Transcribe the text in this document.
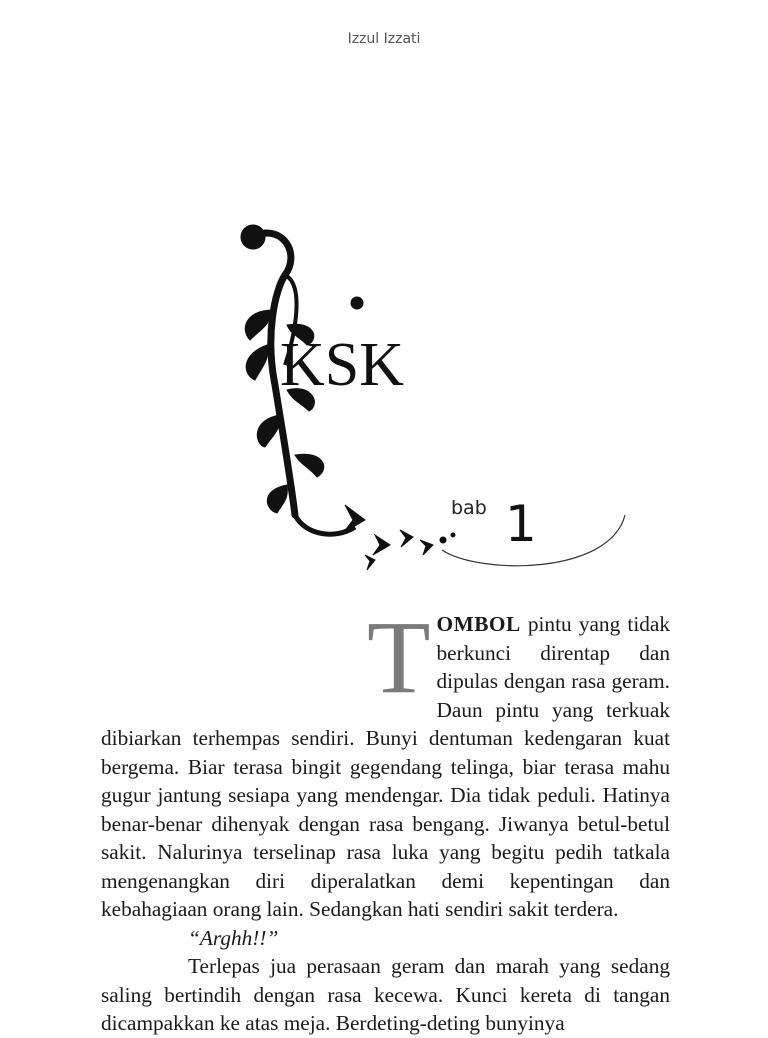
Izzul Izzati
KSK
bab 1

TOMBOL pintu yang tidak berkunci direntap dan dipulas dengan rasa geram. Daun pintu yang terkuak dibiarkan terhempas sendiri. Bunyi dentuman kedengaran kuat bergema. Biar terasa bingit gegendang telinga, biar terasa mahu gugur jantung sesiapa yang mendengar. Dia tidak peduli. Hatinya benar-benar dihenyak dengan rasa bengang. Jiwanya betul-betul sakit. Nalurinya terselinap rasa luka yang begitu pedih tatkala mengenangkan diri diperalatkan demi kepentingan dan kebahagiaan orang lain. Sedangkan hati sendiri sakit terdera.

“Arghh!!”

Terlepas jua perasaan geram dan marah yang sedang saling bertindih dengan rasa kecewa. Kunci kereta di tangan dicampakkan ke atas meja. Berdeting-deting bunyinya
